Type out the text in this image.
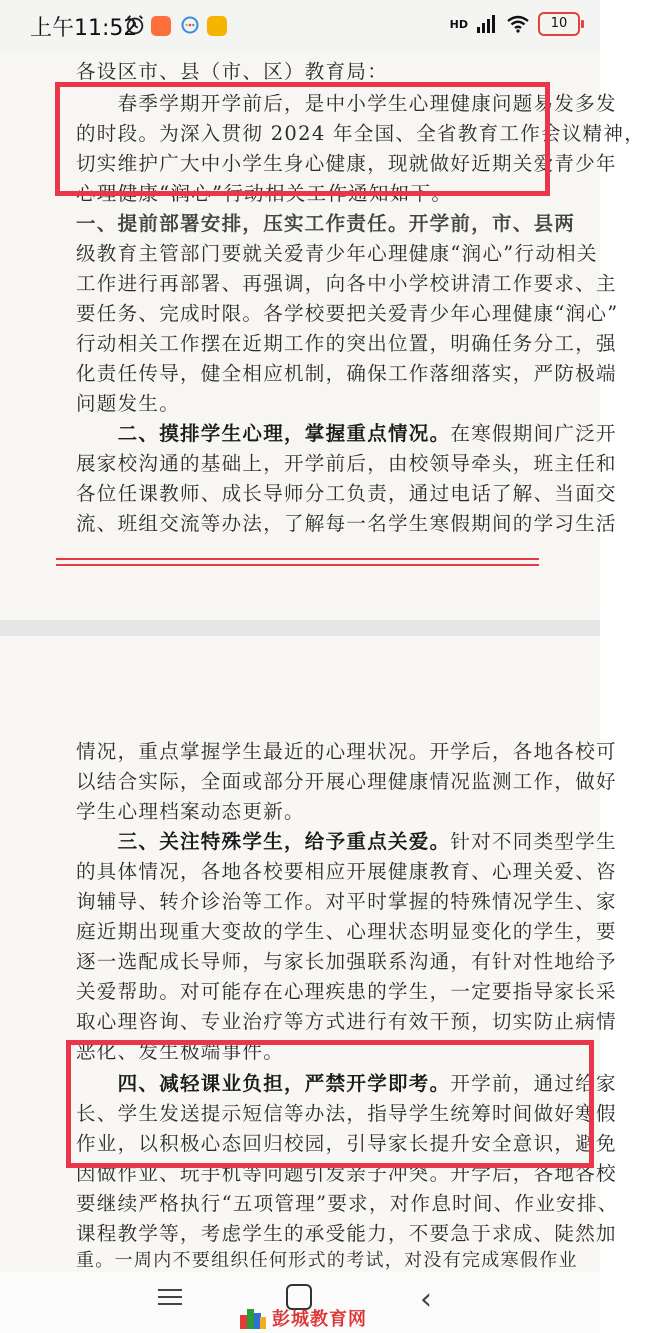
上午11:52	HD	10
各设区市、县（市、区）教育局：
　　春季学期开学前后，是中小学生心理健康问题易发多发
的时段。为深入贯彻 2024 年全国、全省教育工作会议精神，
切实维护广大中小学生身心健康，现就做好近期关爱青少年
心理健康“润心”行动相关工作通知如下。
一、提前部署安排，压实工作责任。开学前，市、县两
级教育主管部门要就关爱青少年心理健康“润心”行动相关
工作进行再部署、再强调，向各中小学校讲清工作要求、主
要任务、完成时限。各学校要把关爱青少年心理健康“润心”
行动相关工作摆在近期工作的突出位置，明确任务分工，强
化责任传导，健全相应机制，确保工作落细落实，严防极端
问题发生。
　　二、摸排学生心理，掌握重点情况。在寒假期间广泛开
展家校沟通的基础上，开学前后，由校领导牵头，班主任和
各位任课教师、成长导师分工负责，通过电话了解、当面交
流、班组交流等办法，了解每一名学生寒假期间的学习生活
情况，重点掌握学生最近的心理状况。开学后，各地各校可
以结合实际，全面或部分开展心理健康情况监测工作，做好
学生心理档案动态更新。
　　三、关注特殊学生，给予重点关爱。针对不同类型学生
的具体情况，各地各校要相应开展健康教育、心理关爱、咨
询辅导、转介诊治等工作。对平时掌握的特殊情况学生、家
庭近期出现重大变故的学生、心理状态明显变化的学生，要
逐一选配成长导师，与家长加强联系沟通，有针对性地给予
关爱帮助。对可能存在心理疾患的学生，一定要指导家长采
取心理咨询、专业治疗等方式进行有效干预，切实防止病情
恶化、发生极端事件。
　　四、减轻课业负担，严禁开学即考。开学前，通过给家
长、学生发送提示短信等办法，指导学生统筹时间做好寒假
作业，以积极心态回归校园，引导家长提升安全意识，避免
因做作业、玩手机等问题引发亲子冲突。开学后，各地各校
要继续严格执行“五项管理”要求，对作息时间、作业安排、
课程教学等，考虑学生的承受能力，不要急于求成、陡然加
重。一周内不要组织任何形式的考试，对没有完成寒假作业
‹
彭城教育网
